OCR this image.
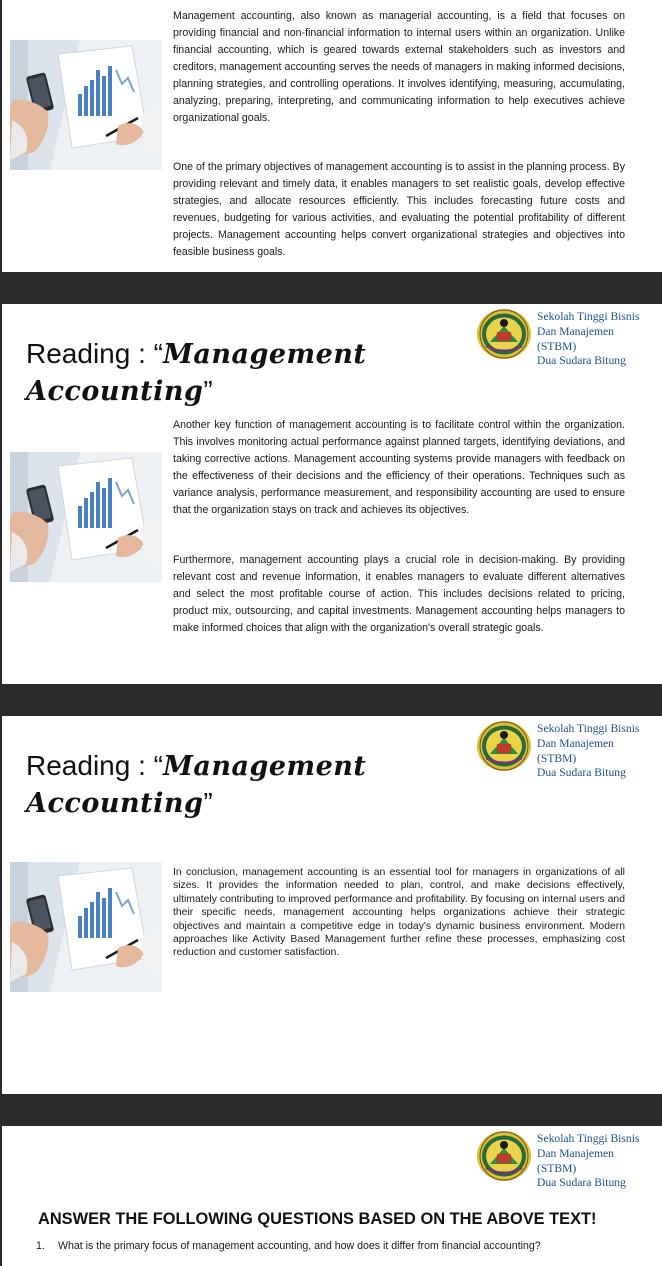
Management accounting, also known as managerial accounting, is a field that focuses on providing financial and non-financial information to internal users within an organization. Unlike financial accounting, which is geared towards external stakeholders such as investors and creditors, management accounting serves the needs of managers in making informed decisions, planning strategies, and controlling operations. It involves identifying, measuring, accumulating, analyzing, preparing, interpreting, and communicating information to help executives achieve organizational goals.

One of the primary objectives of management accounting is to assist in the planning process. By providing relevant and timely data, it enables managers to set realistic goals, develop effective strategies, and allocate resources efficiently. This includes forecasting future costs and revenues, budgeting for various activities, and evaluating the potential profitability of different projects. Management accounting helps convert organizational strategies and objectives into feasible business goals.

Sekolah Tinggi Bisnis
Dan Manajemen
(STBM)
Dua Sudara Bitung

Reading : “Management
Accounting”

Another key function of management accounting is to facilitate control within the organization. This involves monitoring actual performance against planned targets, identifying deviations, and taking corrective actions. Management accounting systems provide managers with feedback on the effectiveness of their decisions and the efficiency of their operations. Techniques such as variance analysis, performance measurement, and responsibility accounting are used to ensure that the organization stays on track and achieves its objectives.

Furthermore, management accounting plays a crucial role in decision-making. By providing relevant cost and revenue information, it enables managers to evaluate different alternatives and select the most profitable course of action. This includes decisions related to pricing, product mix, outsourcing, and capital investments. Management accounting helps managers to make informed choices that align with the organization's overall strategic goals.

Sekolah Tinggi Bisnis
Dan Manajemen
(STBM)
Dua Sudara Bitung

Reading : “Management
Accounting”

In conclusion, management accounting is an essential tool for managers in organizations of all sizes. It provides the information needed to plan, control, and make decisions effectively, ultimately contributing to improved performance and profitability. By focusing on internal users and their specific needs, management accounting helps organizations achieve their strategic objectives and maintain a competitive edge in today's dynamic business environment. Modern approaches like Activity Based Management further refine these processes, emphasizing cost reduction and customer satisfaction.

Sekolah Tinggi Bisnis
Dan Manajemen
(STBM)
Dua Sudara Bitung

ANSWER THE FOLLOWING QUESTIONS BASED ON THE ABOVE TEXT!

1. What is the primary focus of management accounting, and how does it differ from financial accounting?
